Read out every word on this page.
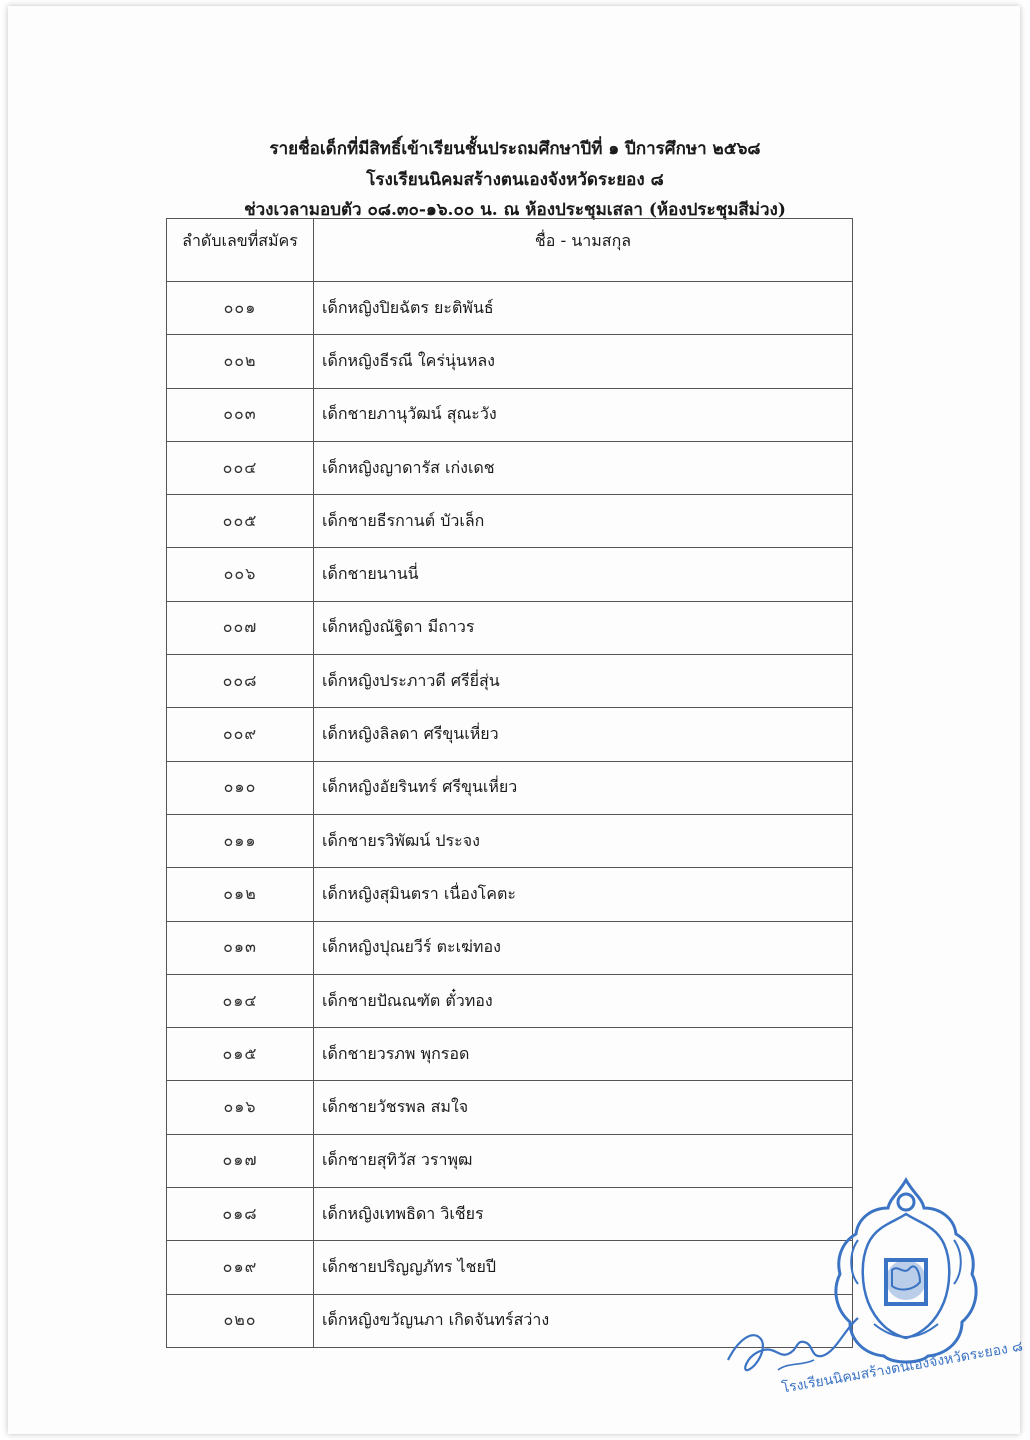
รายชื่อเด็กที่มีสิทธิ์เข้าเรียนชั้นประถมศึกษาปีที่ ๑ ปีการศึกษา ๒๕๖๘
โรงเรียนนิคมสร้างตนเองจังหวัดระยอง ๘
ช่วงเวลามอบตัว ๐๘.๓๐-๑๖.๐๐ น. ณ ห้องประชุมเสลา (ห้องประชุมสีม่วง)
ลำดับเลขที่สมัคร	ชื่อ - นามสกุล
๐๐๑	เด็กหญิงปิยฉัตร ยะติพันธ์
๐๐๒	เด็กหญิงธีรณี ใคร่นุ่นหลง
๐๐๓	เด็กชายภานุวัฒน์ สุณะวัง
๐๐๔	เด็กหญิงญาดารัส เก่งเดช
๐๐๕	เด็กชายธีรกานต์ บัวเล็ก
๐๐๖	เด็กชายนานนี่
๐๐๗	เด็กหญิงณัฐิดา มีถาวร
๐๐๘	เด็กหญิงประภาวดี ศรียี่สุ่น
๐๐๙	เด็กหญิงลิลดา ศรีขุนเหี่ยว
๐๑๐	เด็กหญิงอัยรินทร์ ศรีขุนเหี่ยว
๐๑๑	เด็กชายรวิพัฒน์ ประจง
๐๑๒	เด็กหญิงสุมินตรา เนื่องโคตะ
๐๑๓	เด็กหญิงปุณยวีร์ ตะเฆ่ทอง
๐๑๔	เด็กชายปัณณฑัต ตั๋วทอง
๐๑๕	เด็กชายวรภพ พุกรอด
๐๑๖	เด็กชายวัชรพล สมใจ
๐๑๗	เด็กชายสุทิวัส วราพุฒ
๐๑๘	เด็กหญิงเทพธิดา วิเชียร
๐๑๙	เด็กชายปริญญภัทร ไชยปี
๐๒๐	เด็กหญิงขวัญนภา เกิดจันทร์สว่าง
โรงเรียนนิคมสร้างตนเองจังหวัดระยอง ๘
